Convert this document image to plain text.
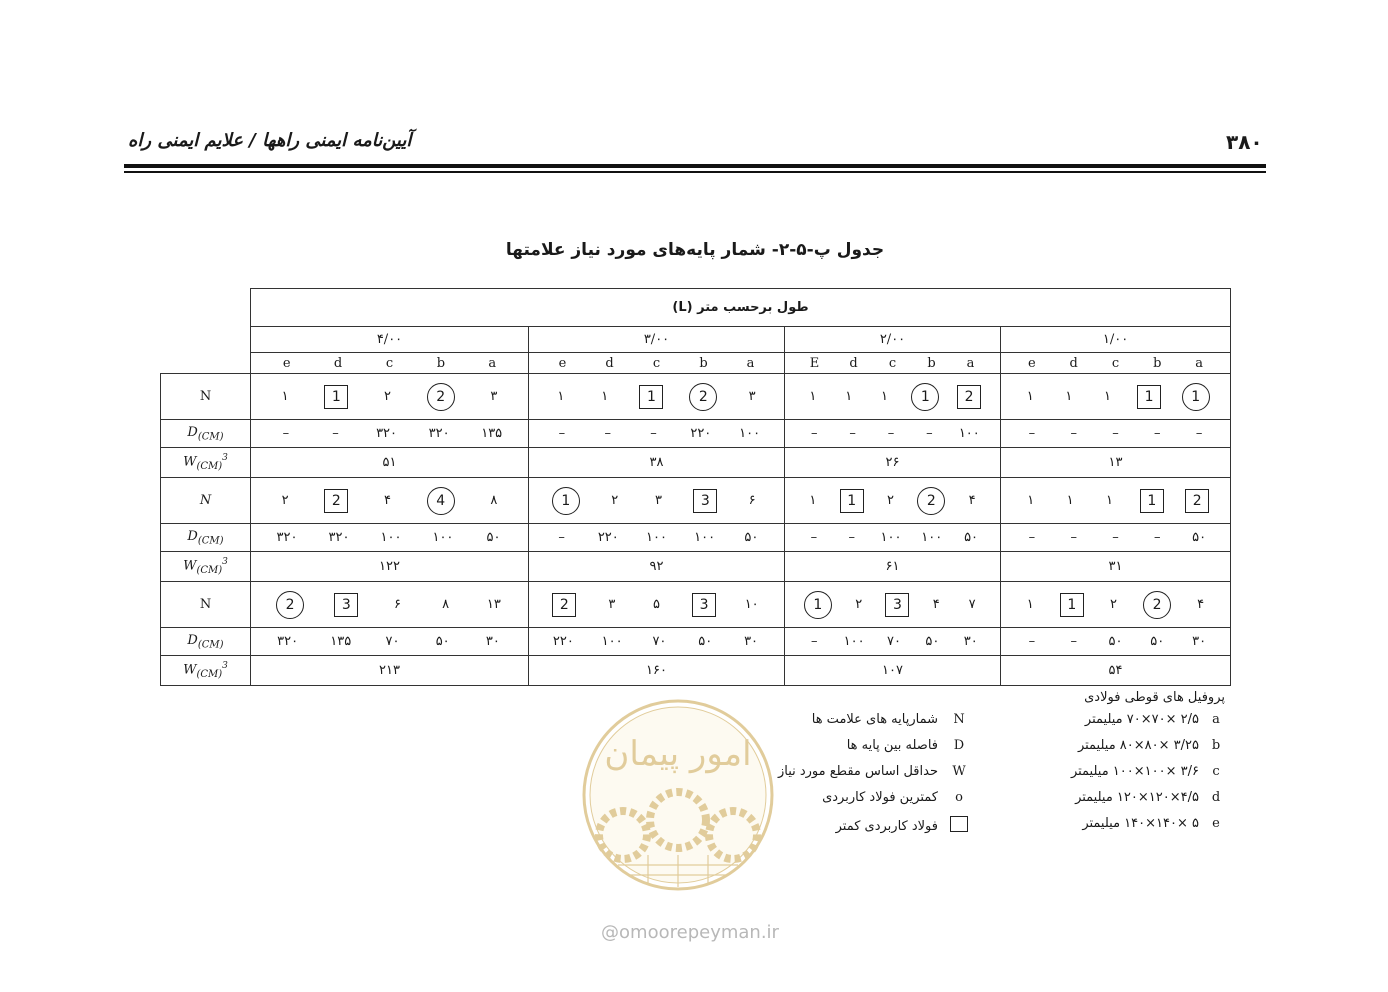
۳۸۰
آیین‌نامه ایمنی راهها / علایم ایمنی راه
جدول پ-۵-۲- شمار پایه‌های مورد نیاز علامتها
	(L) طول برحسب متر			
	۴/۰۰	۳/۰۰	۲/۰۰	۱/۰۰

e d c b a	e d c b a	E d c b a	e d c b a

N	۱ 1 ۲ 2 ۳	۱ ۱ 1 2 ۳	۱ ۱ ۱ 1 2	۱ ۱ ۱ 1 1

$D_{(CM)}$	– – ۳۲۰ ۳۲۰ ۱۳۵	– – – ۲۲۰ ۱۰۰	– – – – ۱۰۰	– – – – –

$W_{(CM)}^3$	۵۱	۳۸	۲۶	۱۳
N	۲ 2 ۴ 4 ۸	1 ۲ ۳ 3 ۶	۱ 1 ۲ 2 ۴	۱ ۱ ۱ 1 2

$D_{(CM)}$	۳۲۰ ۳۲۰ ۱۰۰ ۱۰۰ ۵۰	– ۲۲۰ ۱۰۰ ۱۰۰ ۵۰	– – ۱۰۰ ۱۰۰ ۵۰	– – – – ۵۰

$W_{(CM)}^3$	۱۲۲	۹۲	۶۱	۳۱
N	2 3 ۶ ۸ ۱۳	2 ۳ ۵ 3 ۱۰	1 ۲ 3 ۴ ۷	۱ 1 ۲ 2 ۴

$D_{(CM)}$	۳۲۰ ۱۳۵ ۷۰ ۵۰ ۳۰	۲۲۰ ۱۰۰ ۷۰ ۵۰ ۳۰	– ۱۰۰ ۷۰ ۵۰ ۳۰	– – ۵۰ ۵۰ ۳۰

$W_{(CM)}^3$	۲۱۳	۱۶۰	۱۰۷	۵۴
پروفیل های قوطی فولادی
۲/۵ ×۷۰×۷۰ میلیمتر	a
۳/۲۵ ×۸۰×۸۰ میلیمتر b
۳/۶ ×۱۰۰×۱۰۰ میلیمتر	c
۴/۵×۱۲۰×۱۲۰ میلیمتر d
۵ ×۱۴۰×۱۴۰ میلیمتر	e
شمارپایه های علامت ها	N
فاصله بین پایه ها	D
حداقل اساس مقطع مورد نیاز	W
کمترین فولاد کاربردی	o
فولاد کاربردی کمتر
امور پیمان
@omoorepeyman.ir
